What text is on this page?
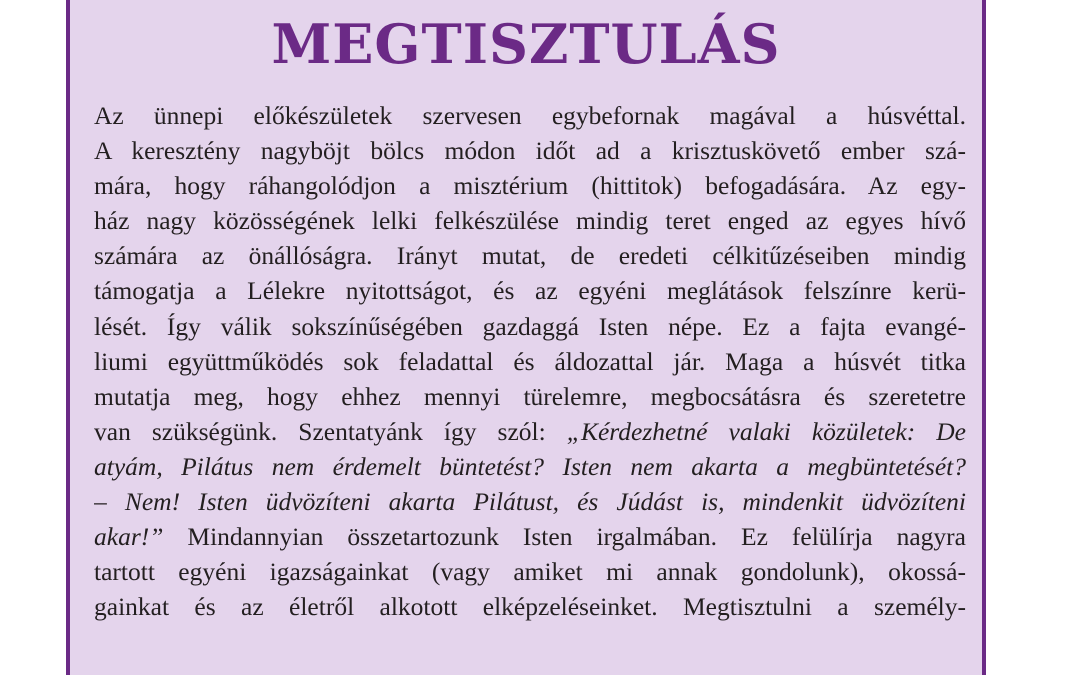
MEGTISZTULÁS
Az ünnepi előkészületek szervesen egybefornak magával a húsvéttal.
A keresztény nagyböjt bölcs módon időt ad a krisztuskövető ember szá-
mára, hogy ráhangolódjon a misztérium (hittitok) befogadására. Az egy-
ház nagy közösségének lelki felkészülése mindig teret enged az egyes hívő
számára az önállóságra. Irányt mutat, de eredeti célkitűzéseiben mindig
támogatja a Lélekre nyitottságot, és az egyéni meglátások felszínre kerü-
lését. Így válik sokszínűségében gazdaggá Isten népe. Ez a fajta evangé-
liumi együttműködés sok feladattal és áldozattal jár. Maga a húsvét titka
mutatja meg, hogy ehhez mennyi türelemre, megbocsátásra és szeretetre
van szükségünk. Szentatyánk így szól: „Kérdezhetné valaki közületek: De
atyám, Pilátus nem érdemelt büntetést? Isten nem akarta a megbüntetését?
– Nem! Isten üdvözíteni akarta Pilátust, és Júdást is, mindenkit üdvözíteni
akar!” Mindannyian összetartozunk Isten irgalmában. Ez felülírja nagyra
tartott egyéni igazságainkat (vagy amiket mi annak gondolunk), okossá-
gainkat és az életről alkotott elképzeléseinket. Megtisztulni a személy-
